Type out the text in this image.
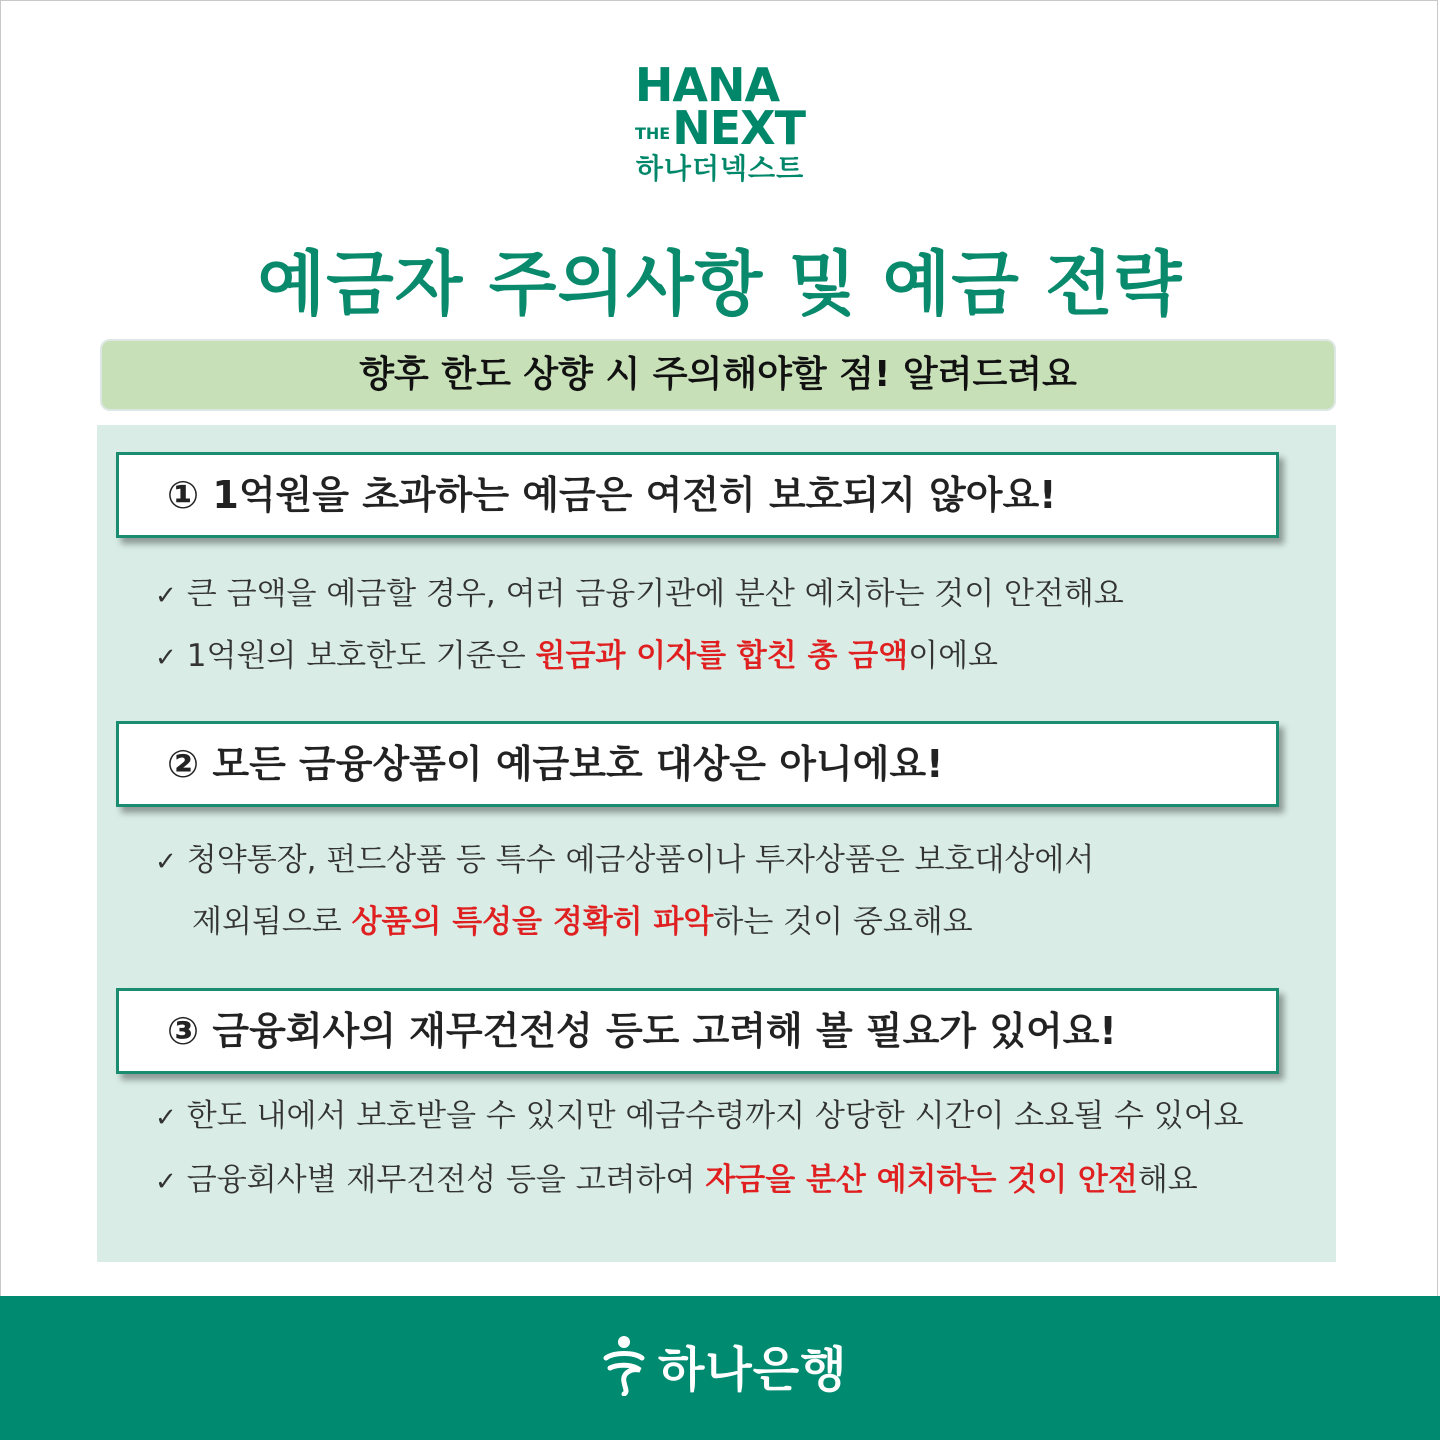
HANA
THENEXT
하나더넥스트
예금자 주의사항 및 예금 전략
향후 한도 상향 시 주의해야할 점! 알려드려요
① 1억원을 초과하는 예금은 여전히 보호되지 않아요!
✓ 큰 금액을 예금할 경우, 여러 금융기관에 분산 예치하는 것이 안전해요
✓ 1억원의 보호한도 기준은 원금과 이자를 합친 총 금액이에요
② 모든 금융상품이 예금보호 대상은 아니에요!
✓ 청약통장, 펀드상품 등 특수 예금상품이나 투자상품은 보호대상에서
제외됨으로 상품의 특성을 정확히 파악하는 것이 중요해요
③ 금융회사의 재무건전성 등도 고려해 볼 필요가 있어요!
✓ 한도 내에서 보호받을 수 있지만 예금수령까지 상당한 시간이 소요될 수 있어요
✓ 금융회사별 재무건전성 등을 고려하여 자금을 분산 예치하는 것이 안전해요
하나은행
